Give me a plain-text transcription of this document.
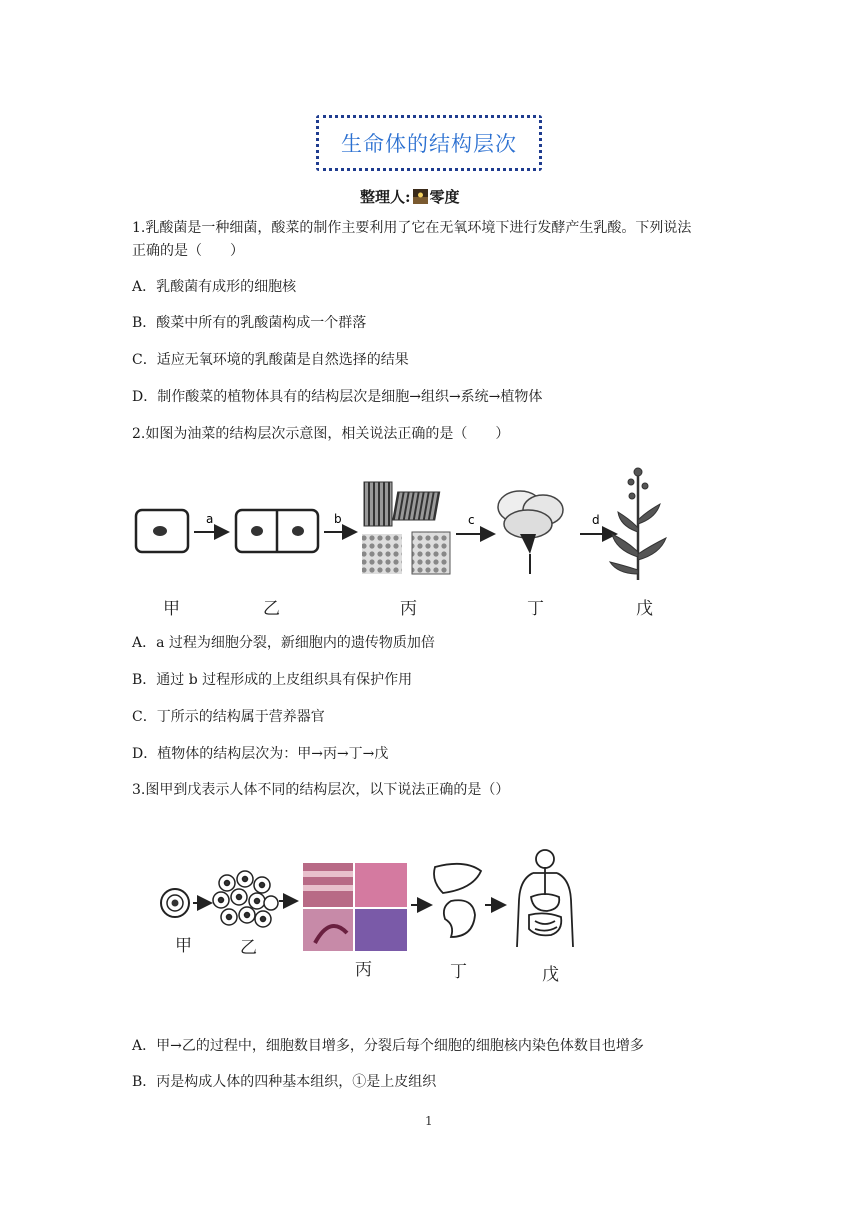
生命体的结构层次
整理人: 零度
1.乳酸菌是一种细菌，酸菜的制作主要利用了它在无氧环境下进行发酵产生乳酸。下列说法
正确的是（　　）
A．乳酸菌有成形的细胞核
B．酸菜中所有的乳酸菌构成一个群落
C．适应无氧环境的乳酸菌是自然选择的结果
D．制作酸菜的植物体具有的结构层次是细胞→组织→系统→植物体
2.如图为油菜的结构层次示意图，相关说法正确的是（　　）
a	b	c	d
甲	乙	丙	丁	戊
A．a 过程为细胞分裂，新细胞内的遗传物质加倍
B．通过 b 过程形成的上皮组织具有保护作用
C．丁所示的结构属于营养器官
D．植物体的结构层次为：甲→丙→丁→戊
3.图甲到戊表示人体不同的结构层次，以下说法正确的是（）
甲	乙
丙	丁	戊
A．甲→乙的过程中，细胞数目增多，分裂后每个细胞的细胞核内染色体数目也增多
B．丙是构成人体的四种基本组织，①是上皮组织
1
